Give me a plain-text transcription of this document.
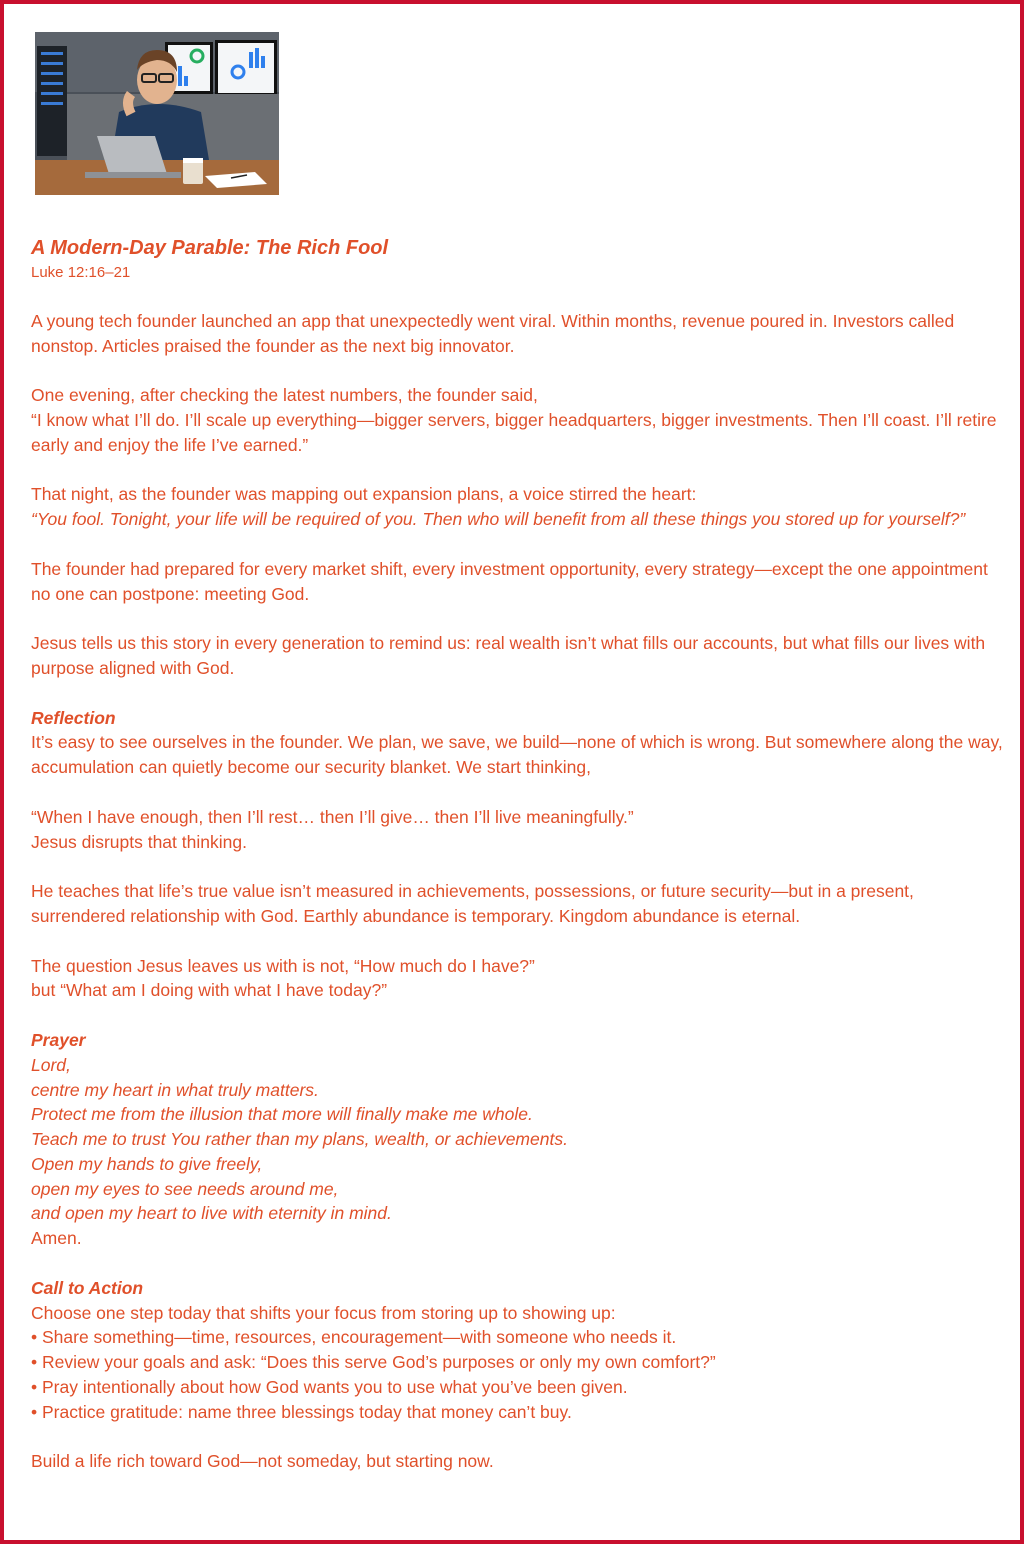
A Modern-Day Parable: The Rich Fool
Luke 12:16–21

A young tech founder launched an app that unexpectedly went viral. Within months, revenue poured in. Investors called nonstop. Articles praised the founder as the next big innovator.

One evening, after checking the latest numbers, the founder said,
“I know what I’ll do. I’ll scale up everything—bigger servers, bigger headquarters, bigger investments. Then I’ll coast. I’ll retire early and enjoy the life I’ve earned.”

That night, as the founder was mapping out expansion plans, a voice stirred the heart:
“You fool. Tonight, your life will be required of you. Then who will benefit from all these things you stored up for yourself?”

The founder had prepared for every market shift, every investment opportunity, every strategy—except the one appointment no one can postpone: meeting God.

Jesus tells us this story in every generation to remind us: real wealth isn’t what fills our accounts, but what fills our lives with purpose aligned with God.

Reflection
It’s easy to see ourselves in the founder. We plan, we save, we build—none of which is wrong. But somewhere along the way, accumulation can quietly become our security blanket. We start thinking,

“When I have enough, then I’ll rest… then I’ll give… then I’ll live meaningfully.”
Jesus disrupts that thinking.

He teaches that life’s true value isn’t measured in achievements, possessions, or future security—but in a present, surrendered relationship with God. Earthly abundance is temporary. Kingdom abundance is eternal.

The question Jesus leaves us with is not, “How much do I have?”
but “What am I doing with what I have today?”

Prayer
Lord,
centre my heart in what truly matters.
Protect me from the illusion that more will finally make me whole.
Teach me to trust You rather than my plans, wealth, or achievements.
Open my hands to give freely,
open my eyes to see needs around me,
and open my heart to live with eternity in mind.
Amen.

Call to Action
Choose one step today that shifts your focus from storing up to showing up:
• Share something—time, resources, encouragement—with someone who needs it.
• Review your goals and ask: “Does this serve God’s purposes or only my own comfort?”
• Pray intentionally about how God wants you to use what you’ve been given.
• Practice gratitude: name three blessings today that money can’t buy.

Build a life rich toward God—not someday, but starting now.
